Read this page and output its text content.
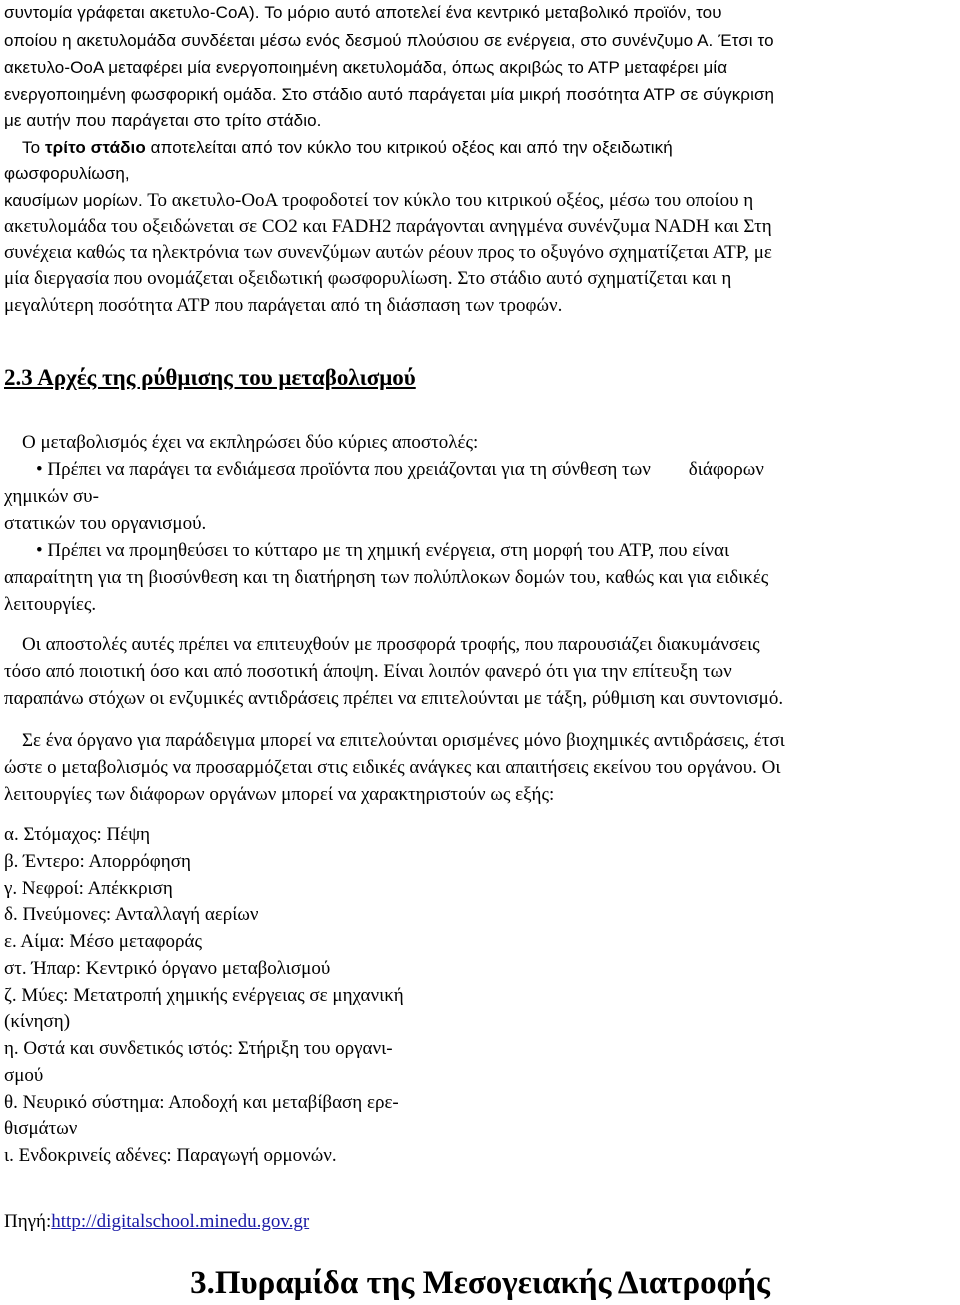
συντομία γράφεται ακετυλο-CoA). Το μόριο αυτό αποτελεί ένα κεντρικό μεταβολικό προϊόν, του
οποίου η ακετυλομάδα συνδέεται μέσω ενός δεσμού πλούσιου σε ενέργεια, στο συνένζυμο Α. Έτσι το
ακετυλο-ΟοΑ μεταφέρει μία ενεργοποιημένη ακετυλομάδα, όπως ακριβώς το ΑΤΡ μεταφέρει μία
ενεργοποιημένη φωσφορική ομάδα. Στο στάδιο αυτό παράγεται μία μικρή ποσότητα ΑΤΡ σε σύγκριση
με αυτήν που παράγεται στο τρίτο στάδιο.
Το τρίτο στάδιο αποτελείται από τον κύκλο του κιτρικού οξέος και από την οξειδωτική
φωσφορυλίωση,
καυσίμων μορίων. Το ακετυλο-ΟοΑ τροφοδοτεί τον κύκλο του κιτρικού οξέος, μέσω του οποίου η
ακετυλομάδα του οξειδώνεται σε CO2 και FADH2 παράγονται ανηγμένα συνένζυμα NADH και Στη
συνέχεια καθώς τα ηλεκτρόνια των συνενζύμων αυτών ρέουν προς το οξυγόνο σχηματίζεται ΑΤΡ, με
μία διεργασία που ονομάζεται οξειδωτική φωσφορυλίωση. Στο στάδιο αυτό σχηματίζεται και η
μεγαλύτερη ποσότητα ΑΤΡ που παράγεται από τη διάσπαση των τροφών.
2.3 Αρχές της ρύθμισης του μεταβολισμού
Ο μεταβολισμός έχει να εκπληρώσει δύο κύριες αποστολές:
• Πρέπει να παράγει τα ενδιάμεσα προϊόντα που χρειάζονται για τη σύνθεση των διάφορων
χημικών συ-
στατικών του οργανισμού.
• Πρέπει να προμηθεύσει το κύτταρο με τη χημική ενέργεια, στη μορφή του ΑΤΡ, που είναι
απαραίτητη για τη βιοσύνθεση και τη διατήρηση των πολύπλοκων δομών του, καθώς και για ειδικές
λειτουργίες.
Οι αποστολές αυτές πρέπει να επιτευχθούν με προσφορά τροφής, που παρουσιάζει διακυμάνσεις
τόσο από ποιοτική όσο και από ποσοτική άποψη. Είναι λοιπόν φανερό ότι για την επίτευξη των
παραπάνω στόχων οι ενζυμικές αντιδράσεις πρέπει να επιτελούνται με τάξη, ρύθμιση και συντονισμό.
Σε ένα όργανο για παράδειγμα μπορεί να επιτελούνται ορισμένες μόνο βιοχημικές αντιδράσεις, έτσι
ώστε ο μεταβολισμός να προσαρμόζεται στις ειδικές ανάγκες και απαιτήσεις εκείνου του οργάνου. Οι
λειτουργίες των διάφορων οργάνων μπορεί να χαρακτηριστούν ως εξής:
α. Στόμαχος: Πέψη
β. Έντερο: Απορρόφηση
γ. Νεφροί: Απέκκριση
δ. Πνεύμονες: Ανταλλαγή αερίων
ε. Αίμα: Μέσο μεταφοράς
στ. Ήπαρ: Κεντρικό όργανο μεταβολισμού
ζ. Μύες: Μετατροπή χημικής ενέργειας σε μηχανική
(κίνηση)
η. Οστά και συνδετικός ιστός: Στήριξη του οργανι-
σμού
θ. Νευρικό σύστημα: Αποδοχή και μεταβίβαση ερε-
θισμάτων
ι. Ενδοκρινείς αδένες: Παραγωγή ορμονών.
Πηγή:http://digitalschool.minedu.gov.gr
3.Πυραμίδα της Μεσογειακής Διατροφής
